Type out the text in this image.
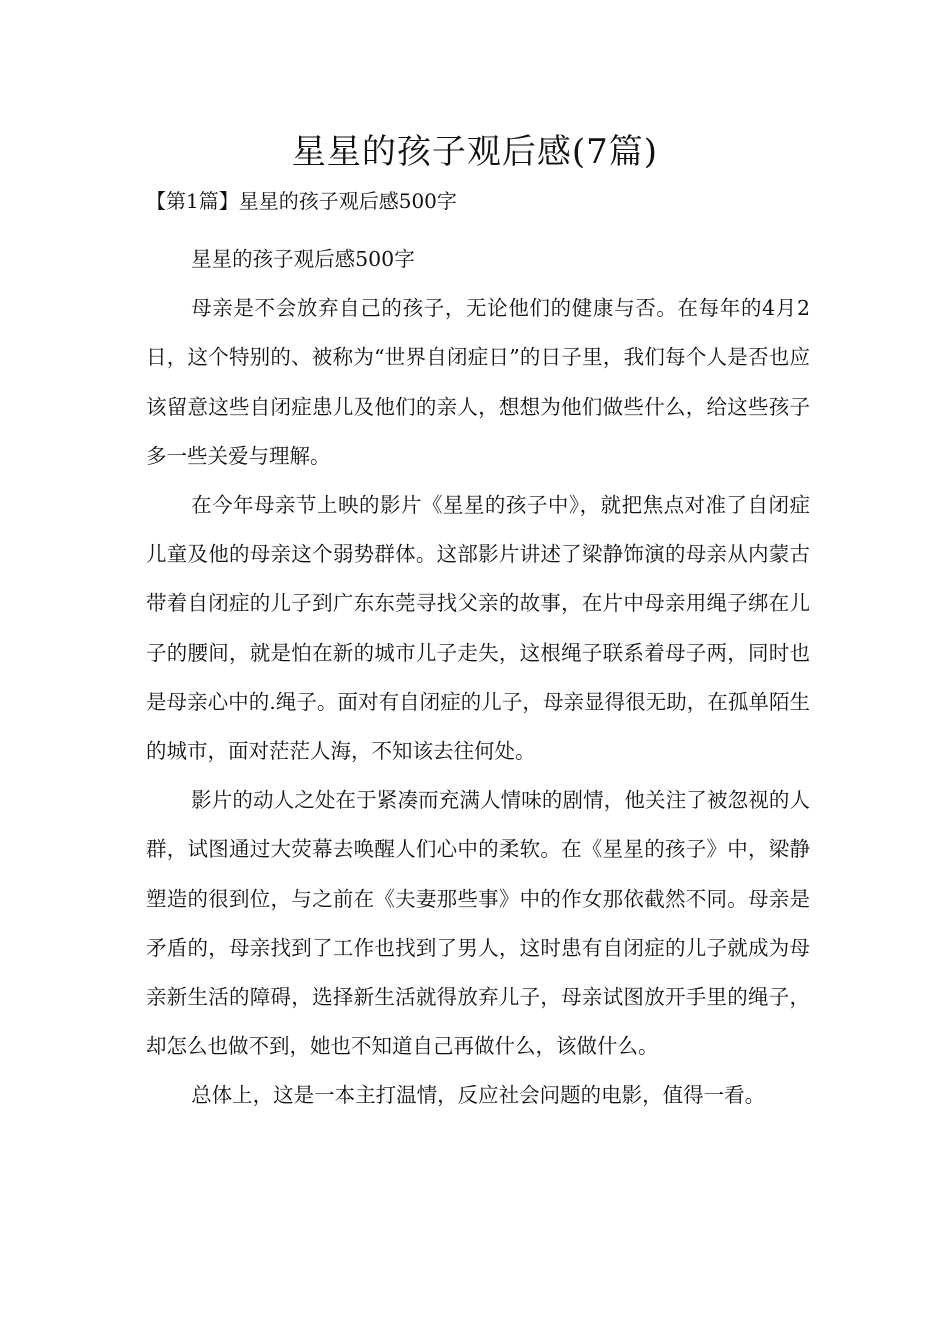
星星的孩子观后感(7篇)

【第1篇】星星的孩子观后感500字

星星的孩子观后感500字

母亲是不会放弃自己的孩子，无论他们的健康与否。在每年的4月2日，这个特别的、被称为“世界自闭症日”的日子里，我们每个人是否也应该留意这些自闭症患儿及他们的亲人，想想为他们做些什么，给这些孩子多一些关爱与理解。

在今年母亲节上映的影片《星星的孩子中》，就把焦点对准了自闭症儿童及他的母亲这个弱势群体。这部影片讲述了梁静饰演的母亲从内蒙古带着自闭症的儿子到广东东莞寻找父亲的故事，在片中母亲用绳子绑在儿子的腰间，就是怕在新的城市儿子走失，这根绳子联系着母子两，同时也是母亲心中的.绳子。面对有自闭症的儿子，母亲显得很无助，在孤单陌生的城市，面对茫茫人海，不知该去往何处。

影片的动人之处在于紧凑而充满人情味的剧情，他关注了被忽视的人群，试图通过大荧幕去唤醒人们心中的柔软。在《星星的孩子》中，梁静塑造的很到位，与之前在《夫妻那些事》中的作女那依截然不同。母亲是矛盾的，母亲找到了工作也找到了男人，这时患有自闭症的儿子就成为母亲新生活的障碍，选择新生活就得放弃儿子，母亲试图放开手里的绳子，却怎么也做不到，她也不知道自己再做什么，该做什么。

总体上，这是一本主打温情，反应社会问题的电影，值得一看。
